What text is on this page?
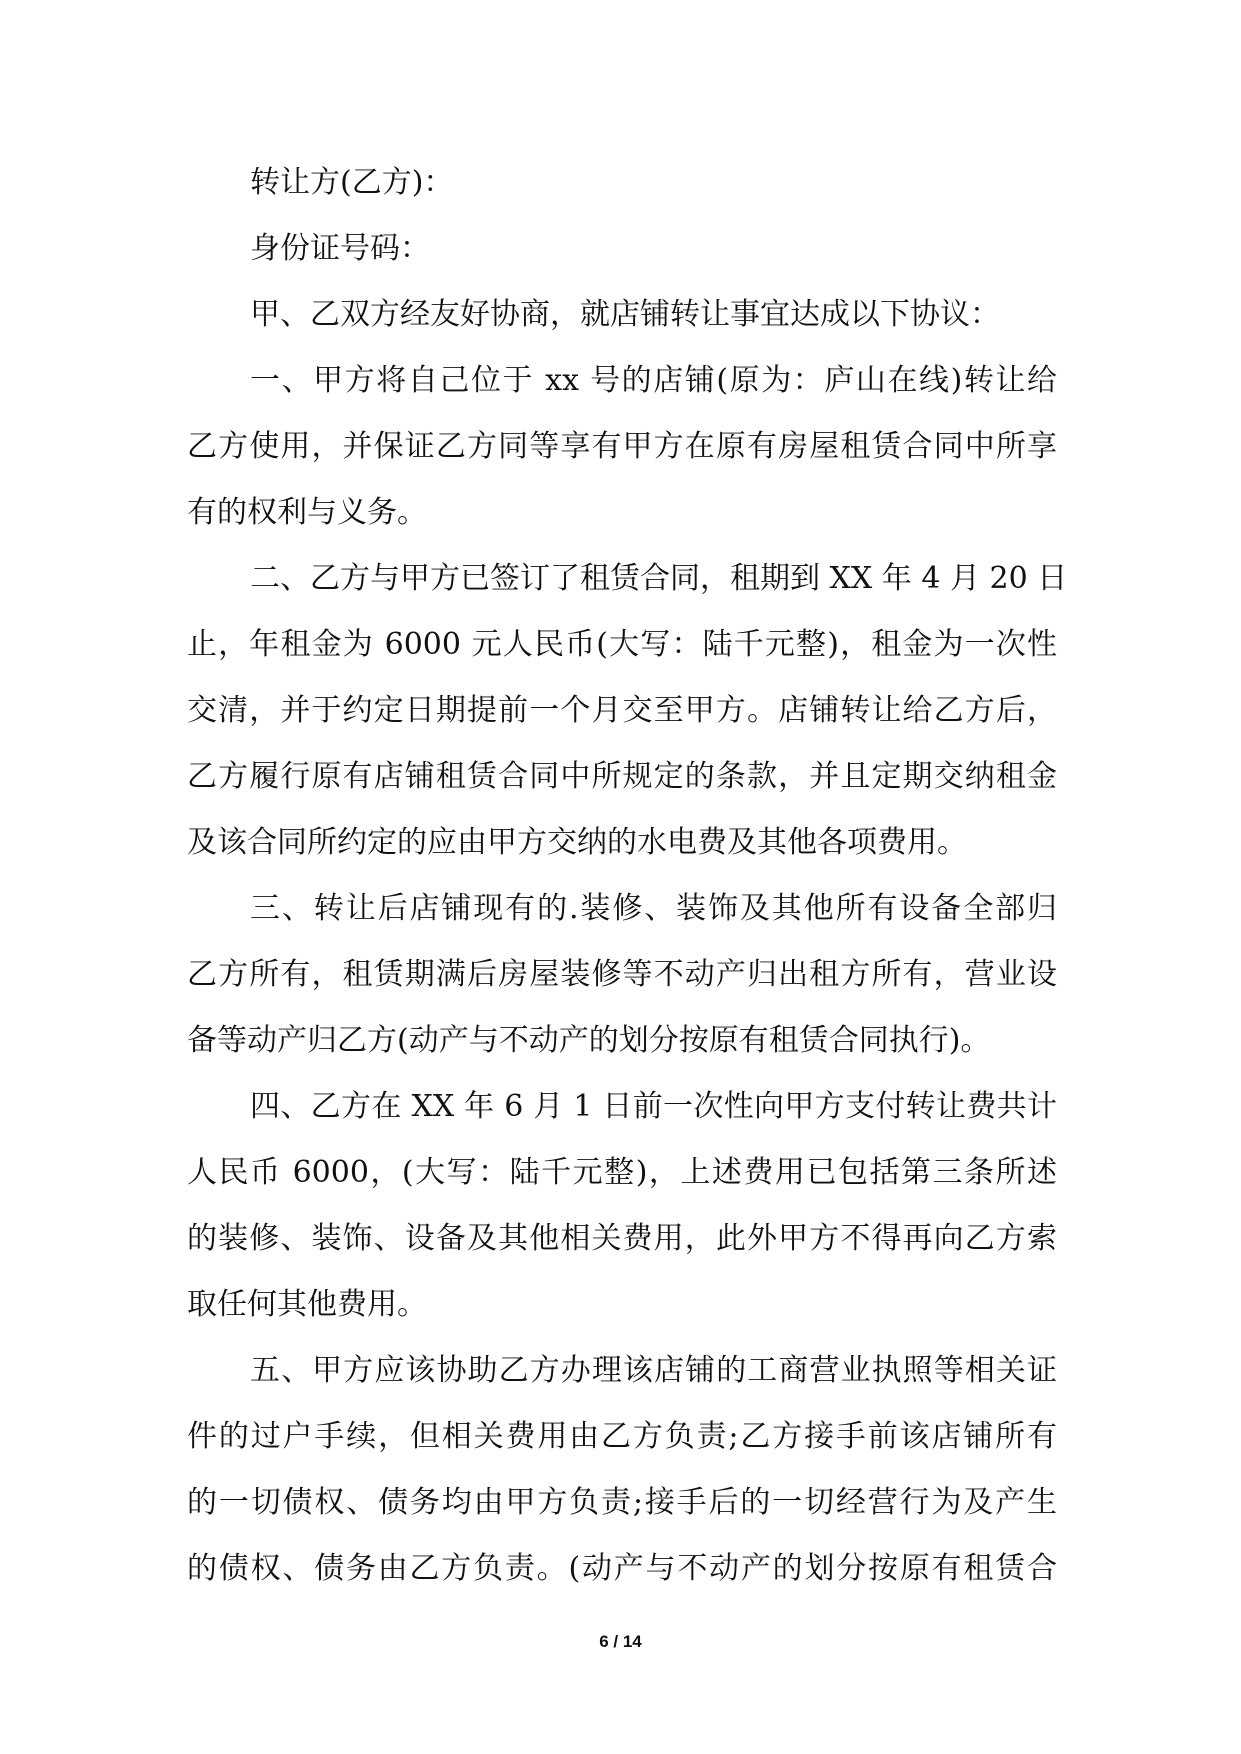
转让方(乙方)：
身份证号码：
甲、乙双方经友好协商，就店铺转让事宜达成以下协议：
一、甲方将自己位于 xx 号的店铺(原为：庐山在线)转让给
乙方使用，并保证乙方同等享有甲方在原有房屋租赁合同中所享
有的权利与义务。
二、乙方与甲方已签订了租赁合同，租期到 XX 年 4 月 20 日
止，年租金为 6000 元人民币(大写：陆千元整)，租金为一次性
交清，并于约定日期提前一个月交至甲方。店铺转让给乙方后，
乙方履行原有店铺租赁合同中所规定的条款，并且定期交纳租金
及该合同所约定的应由甲方交纳的水电费及其他各项费用。
三、转让后店铺现有的.装修、装饰及其他所有设备全部归
乙方所有，租赁期满后房屋装修等不动产归出租方所有，营业设
备等动产归乙方(动产与不动产的划分按原有租赁合同执行)。
四、乙方在 XX 年 6 月 1 日前一次性向甲方支付转让费共计
人民币 6000，(大写：陆千元整)，上述费用已包括第三条所述
的装修、装饰、设备及其他相关费用，此外甲方不得再向乙方索
取任何其他费用。
五、甲方应该协助乙方办理该店铺的工商营业执照等相关证
件的过户手续，但相关费用由乙方负责;乙方接手前该店铺所有
的一切债权、债务均由甲方负责;接手后的一切经营行为及产生
的债权、债务由乙方负责。(动产与不动产的划分按原有租赁合
6 / 14
